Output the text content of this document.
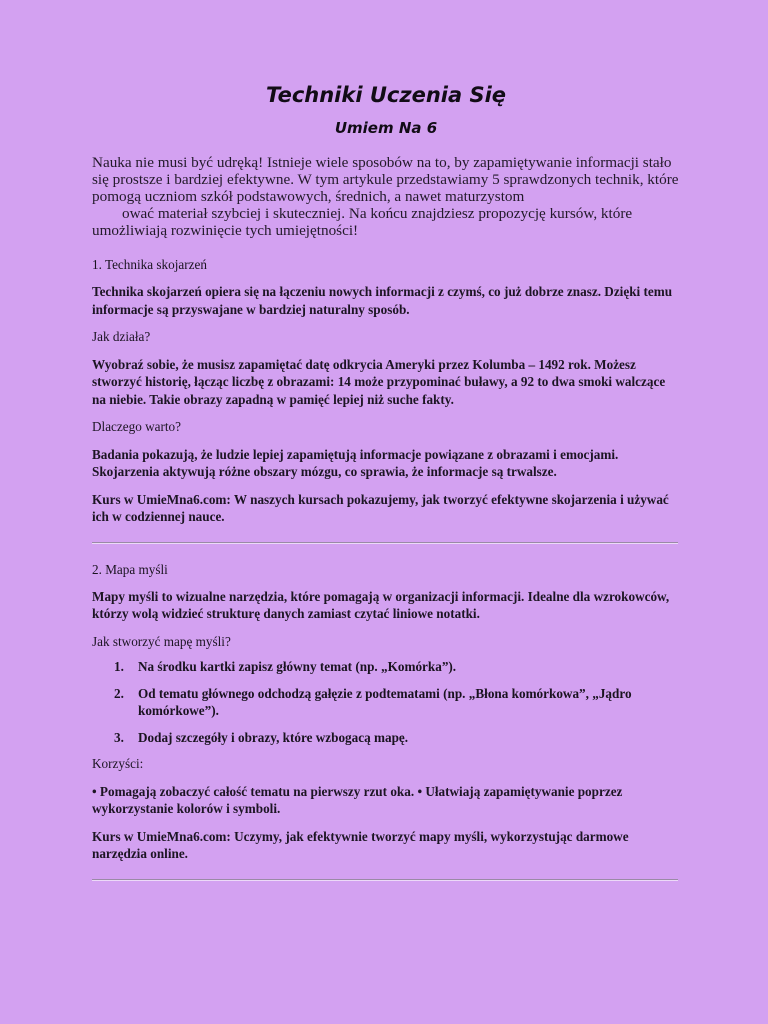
Techniki Uczenia Się
Umiem Na 6

Nauka nie musi być udręką! Istnieje wiele sposobów na to, by zapamiętywanie informacji stało się prostsze i bardziej efektywne. W tym artykule przedstawiamy 5 sprawdzonych technik, które pomogą uczniom szkół podstawowych, średnich, a nawet maturzystom
ować materiał szybciej i skuteczniej. Na końcu znajdziesz propozycję kursów, które umożliwiają rozwinięcie tych umiejętności!

1. Technika skojarzeń

Technika skojarzeń opiera się na łączeniu nowych informacji z czymś, co już dobrze znasz. Dzięki temu informacje są przyswajane w bardziej naturalny sposób.

Jak działa?

Wyobraź sobie, że musisz zapamiętać datę odkrycia Ameryki przez Kolumba – 1492 rok. Możesz stworzyć historię, łącząc liczbę z obrazami: 14 może przypominać buławy, a 92 to dwa smoki walczące na niebie. Takie obrazy zapadną w pamięć lepiej niż suche fakty.

Dlaczego warto?

Badania pokazują, że ludzie lepiej zapamiętują informacje powiązane z obrazami i emocjami. Skojarzenia aktywują różne obszary mózgu, co sprawia, że informacje są trwalsze.

Kurs w UmieMna6.com: W naszych kursach pokazujemy, jak tworzyć efektywne skojarzenia i używać ich w codziennej nauce.

2. Mapa myśli

Mapy myśli to wizualne narzędzia, które pomagają w organizacji informacji. Idealne dla wzrokowców, którzy wolą widzieć strukturę danych zamiast czytać liniowe notatki.

Jak stworzyć mapę myśli?

1.	Na środku kartki zapisz główny temat (np. „Komórka”).
2.	Od tematu głównego odchodzą gałęzie z podtematami (np. „Błona komórkowa”, „Jądro komórkowe”).
3.	Dodaj szczegóły i obrazy, które wzbogacą mapę.

Korzyści:

• Pomagają zobaczyć całość tematu na pierwszy rzut oka. • Ułatwiają zapamiętywanie poprzez wykorzystanie kolorów i symboli.

Kurs w UmieMna6.com: Uczymy, jak efektywnie tworzyć mapy myśli, wykorzystując darmowe narzędzia online.
